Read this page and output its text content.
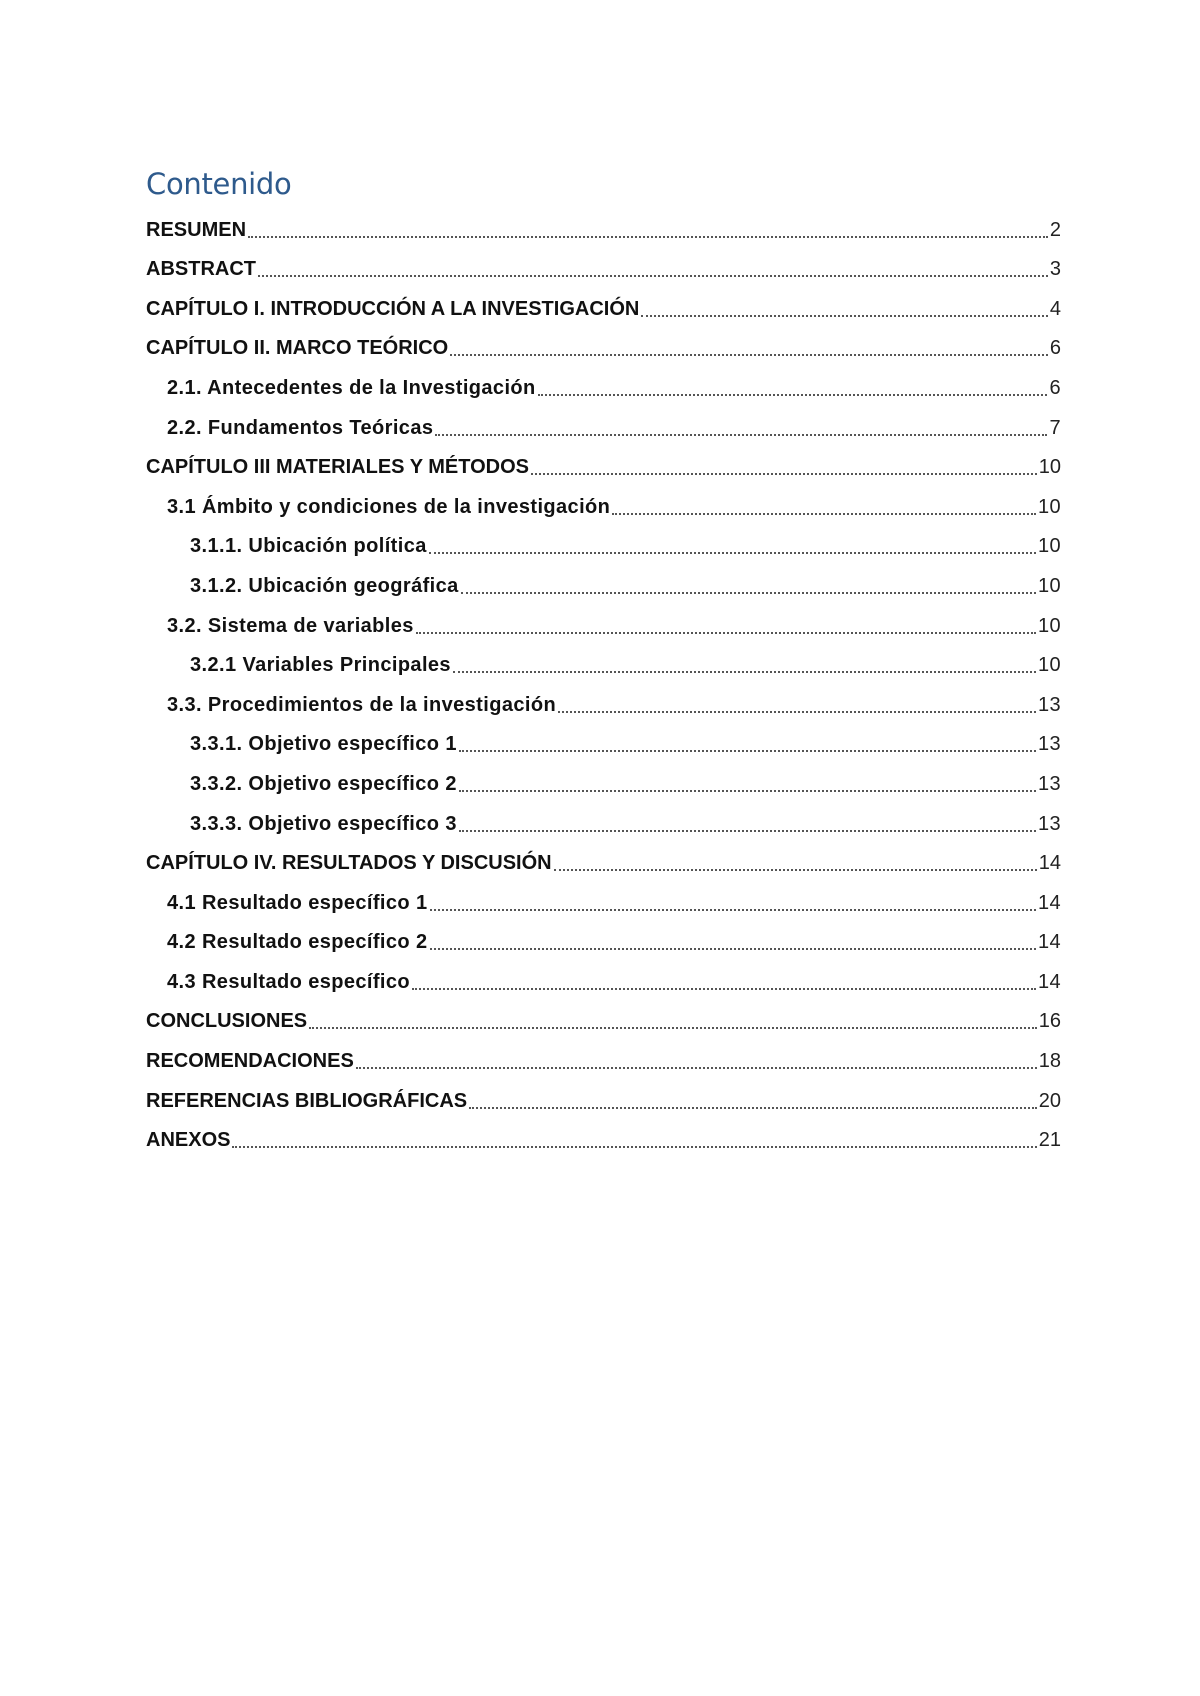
Contenido
RESUMEN	2
ABSTRACT	3
CAPÍTULO I. INTRODUCCIÓN A LA INVESTIGACIÓN	4
CAPÍTULO II. MARCO TEÓRICO	6
2.1. Antecedentes de la Investigación	6
2.2. Fundamentos Teóricas	7
CAPÍTULO III MATERIALES Y MÉTODOS	10
3.1 Ámbito y condiciones de la investigación	10
3.1.1. Ubicación política	10
3.1.2. Ubicación geográfica	10
3.2. Sistema de variables	10
3.2.1 Variables Principales	10
3.3. Procedimientos de la investigación	13
3.3.1. Objetivo específico 1	13
3.3.2. Objetivo específico 2	13
3.3.3. Objetivo específico 3	13
CAPÍTULO IV. RESULTADOS Y DISCUSIÓN	14
4.1 Resultado específico 1	14
4.2 Resultado específico 2	14
4.3 Resultado específico	14
CONCLUSIONES	16
RECOMENDACIONES	18
REFERENCIAS BIBLIOGRÁFICAS	20
ANEXOS	21
